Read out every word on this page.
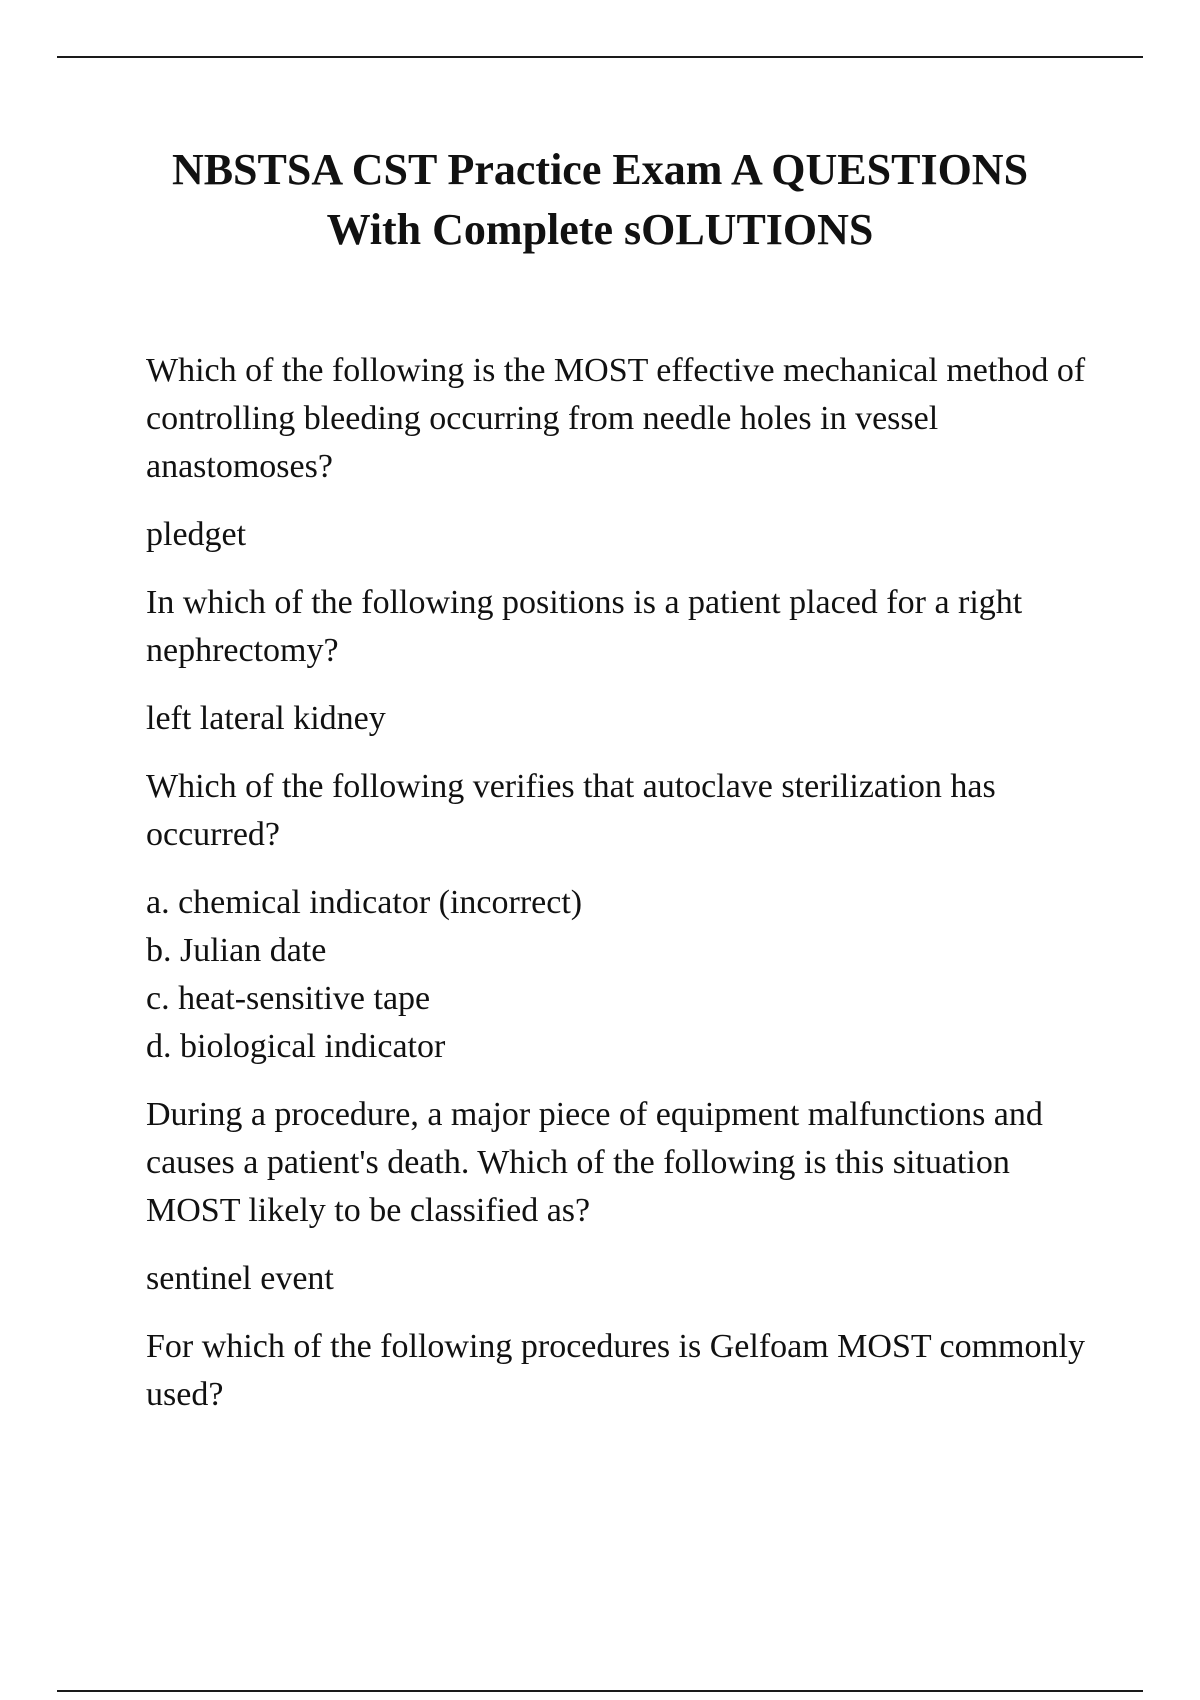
NBSTSA CST Practice Exam A QUESTIONS
With Complete sOLUTIONS

Which of the following is the MOST effective mechanical method of controlling bleeding occurring from needle holes in vessel anastomoses?

pledget

In which of the following positions is a patient placed for a right nephrectomy?

left lateral kidney

Which of the following verifies that autoclave sterilization has occurred?

a. chemical indicator (incorrect)
b. Julian date
c. heat-sensitive tape
d. biological indicator

During a procedure, a major piece of equipment malfunctions and causes a patient's death. Which of the following is this situation MOST likely to be classified as?

sentinel event

For which of the following procedures is Gelfoam MOST commonly used?
